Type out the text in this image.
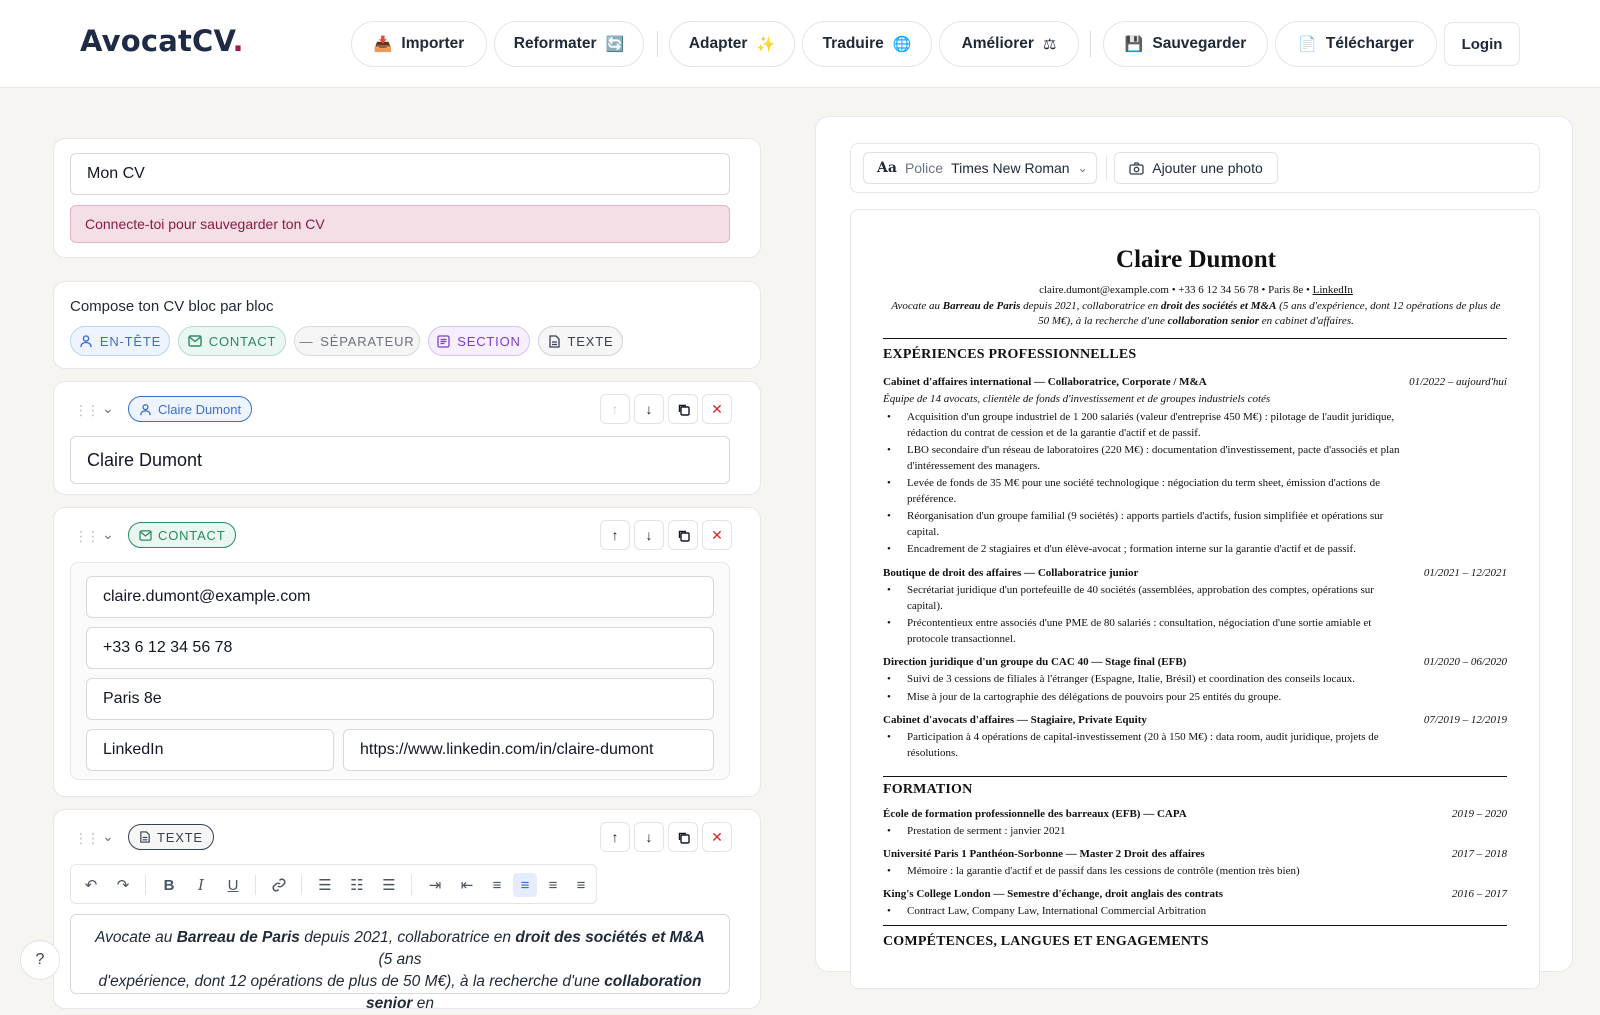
AvocatCV.	📥 Importer	Reformater 🔄	Adapter ✨	Traduire 🌐	Améliorer ⚖	💾 Sauvegarder	📄 Télécharger	Login
Mon CV
Connecte-toi pour sauvegarder ton CV
Compose ton CV bloc par bloc
EN-TÊTE	CONTACT — SÉPARATEUR	SECTION	TEXTE
⋮⋮ ⌄	Claire Dumont	↑	↓	✕
Claire Dumont
⋮⋮ ⌄	CONTACT	↑	↓	✕
claire.dumont@example.com
+33 6 12 34 56 78
Paris 8e
LinkedIn	https://www.linkedin.com/in/claire-dumont
⋮⋮ ⌄	TEXTE	↑	↓	✕
↶	↷	B	I	U	☰	☷	☰	⇥	⇤	≡	≡	≡	≡
Avocate au Barreau de Paris depuis 2021, collaboratrice en droit des sociétés et M&A (5 ans
d'expérience, dont 12 opérations de plus de 50 M€), à la recherche d'une collaboration senior en
?
Aa Police Times New Roman ⌄	Ajouter une photo
Claire Dumont
claire.dumont@example.com • +33 6 12 34 56 78 • Paris 8e • LinkedIn
Avocate au Barreau de Paris depuis 2021, collaboratrice en droit des sociétés et M&A (5 ans d'expérience, dont 12 opérations de plus de 50 M€), à la recherche d'une collaboration senior en cabinet d'affaires.
EXPÉRIENCES PROFESSIONNELLES
Cabinet d'affaires international — Collaboratrice, Corporate / M&A	01/2022 – aujourd'hui
Équipe de 14 avocats, clientèle de fonds d'investissement et de groupes industriels cotés
• Acquisition d'un groupe industriel de 1 200 salariés (valeur d'entreprise 450 M€) : pilotage de l'audit juridique, rédaction du contrat de cession et de la garantie d'actif et de passif.
• LBO secondaire d'un réseau de laboratoires (220 M€) : documentation d'investissement, pacte d'associés et plan d'intéressement des managers.
• Levée de fonds de 35 M€ pour une société technologique : négociation du term sheet, émission d'actions de préférence.
• Réorganisation d'un groupe familial (9 sociétés) : apports partiels d'actifs, fusion simplifiée et opérations sur capital.
• Encadrement de 2 stagiaires et d'un élève-avocat ; formation interne sur la garantie d'actif et de passif.
Boutique de droit des affaires — Collaboratrice junior	01/2021 – 12/2021
• Secrétariat juridique d'un portefeuille de 40 sociétés (assemblées, approbation des comptes, opérations sur capital).
• Précontentieux entre associés d'une PME de 80 salariés : consultation, négociation d'une sortie amiable et protocole transactionnel.
Direction juridique d'un groupe du CAC 40 — Stage final (EFB)	01/2020 – 06/2020
• Suivi de 3 cessions de filiales à l'étranger (Espagne, Italie, Brésil) et coordination des conseils locaux.
• Mise à jour de la cartographie des délégations de pouvoirs pour 25 entités du groupe.
Cabinet d'avocats d'affaires — Stagiaire, Private Equity	07/2019 – 12/2019
• Participation à 4 opérations de capital-investissement (20 à 150 M€) : data room, audit juridique, projets de résolutions.
FORMATION
École de formation professionnelle des barreaux (EFB) — CAPA	2019 – 2020
• Prestation de serment : janvier 2021
Université Paris 1 Panthéon-Sorbonne — Master 2 Droit des affaires	2017 – 2018
• Mémoire : la garantie d'actif et de passif dans les cessions de contrôle (mention très bien)
King's College London — Semestre d'échange, droit anglais des contrats	2016 – 2017
• Contract Law, Company Law, International Commercial Arbitration
COMPÉTENCES, LANGUES ET ENGAGEMENTS
